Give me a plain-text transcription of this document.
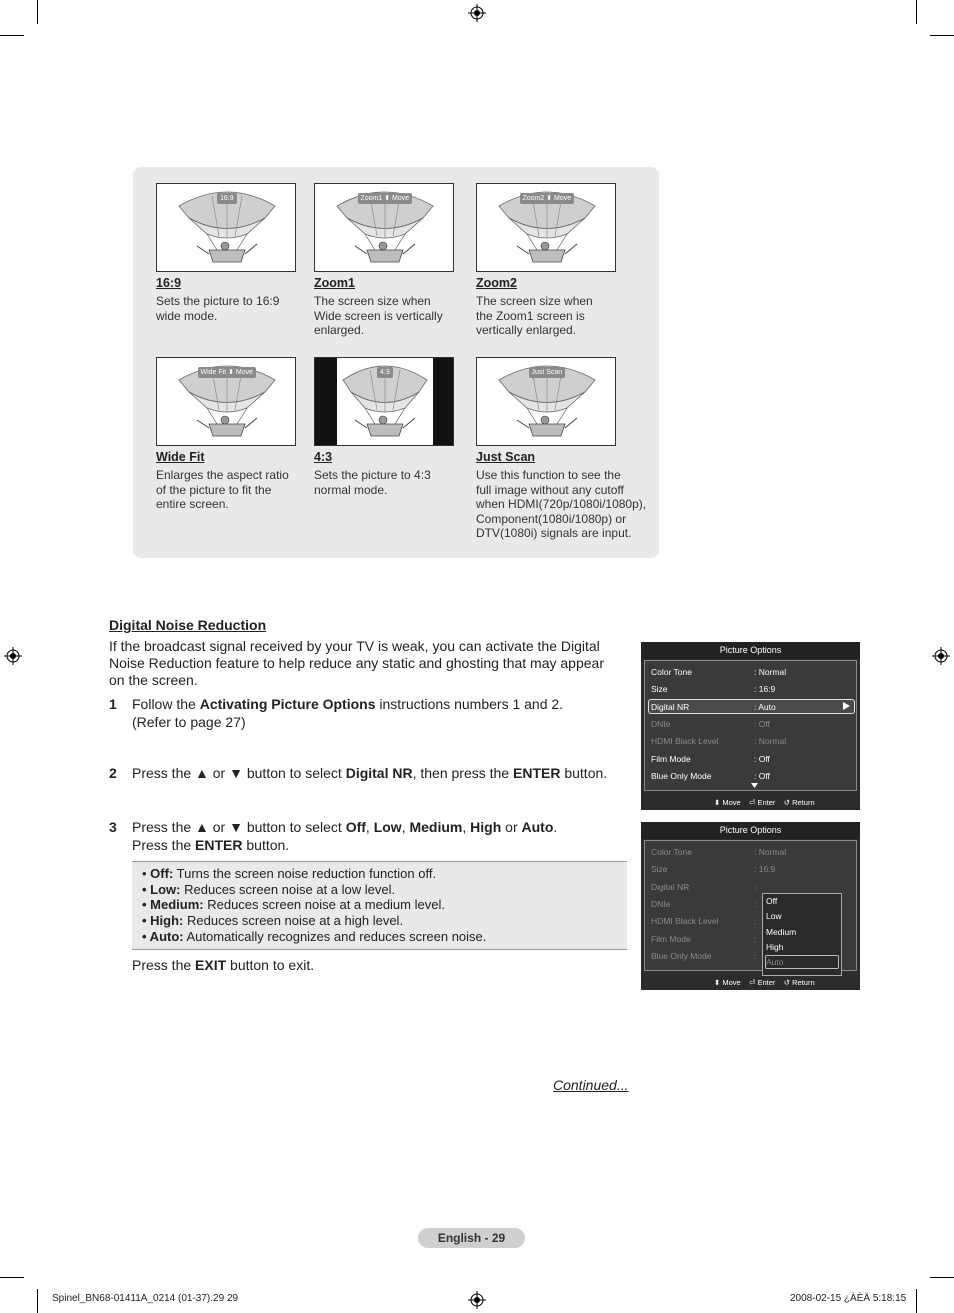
16:9
16:9
Sets the picture to 16:9
wide mode.
Zoom1 ⬍ Move
Zoom1
The screen size when
Wide screen is vertically
enlarged.
Zoom2 ⬍ Move
Zoom2
The screen size when
the Zoom1 screen is
vertically enlarged.
Wide Fit ⬍ Move
Wide Fit
Enlarges the aspect ratio
of the picture to fit the
entire screen.
4:3
4:3
Sets the picture to 4:3
normal mode.
Just Scan
Just Scan
Use this function to see the
full image without any cutoff
when HDMI(720p/1080i/1080p),
Component(1080i/1080p) or
DTV(1080i) signals are input.
Digital Noise Reduction
If the broadcast signal received by your TV is weak, you can activate the Digital Noise Reduction feature to help reduce any static and ghosting that may appear on the screen.
1 Follow the Activating Picture Options instructions numbers 1 and 2.
(Refer to page 27)
2 Press the ▲ or ▼ button to select Digital NR, then press the ENTER button.
3 Press the ▲ or ▼ button to select Off, Low, Medium, High or Auto.
Press the ENTER button.
• Off: Turns the screen noise reduction function off.
• Low: Reduces screen noise at a low level.
• Medium: Reduces screen noise at a medium level.
• High: Reduces screen noise at a high level.
• Auto: Automatically recognizes and reduces screen noise.
Press the EXIT button to exit.
Continued...
Picture Options
Color Tone	: Normal
Size	: 16:9
Digital NR	: Auto
DNIe	: Off
HDMI Black Level	: Normal
Film Mode	: Off
Blue Only Mode	: Off
⬍ Move ⏎ Enter ↺ Return
Picture Options
Off
Low
Medium
High
Auto
Color Tone	: Normal
Size	: 16:9
Digital NR	:
DNIe	:
HDMI Black Level	:
Film Mode	:
Blue Only Mode	:
⬍ Move ⏎ Enter ↺ Return
English - 29
Spinel_BN68-01411A_0214 (01-37).29 29	2008-02-15 ¿ÀÈÄ 5:18:15
